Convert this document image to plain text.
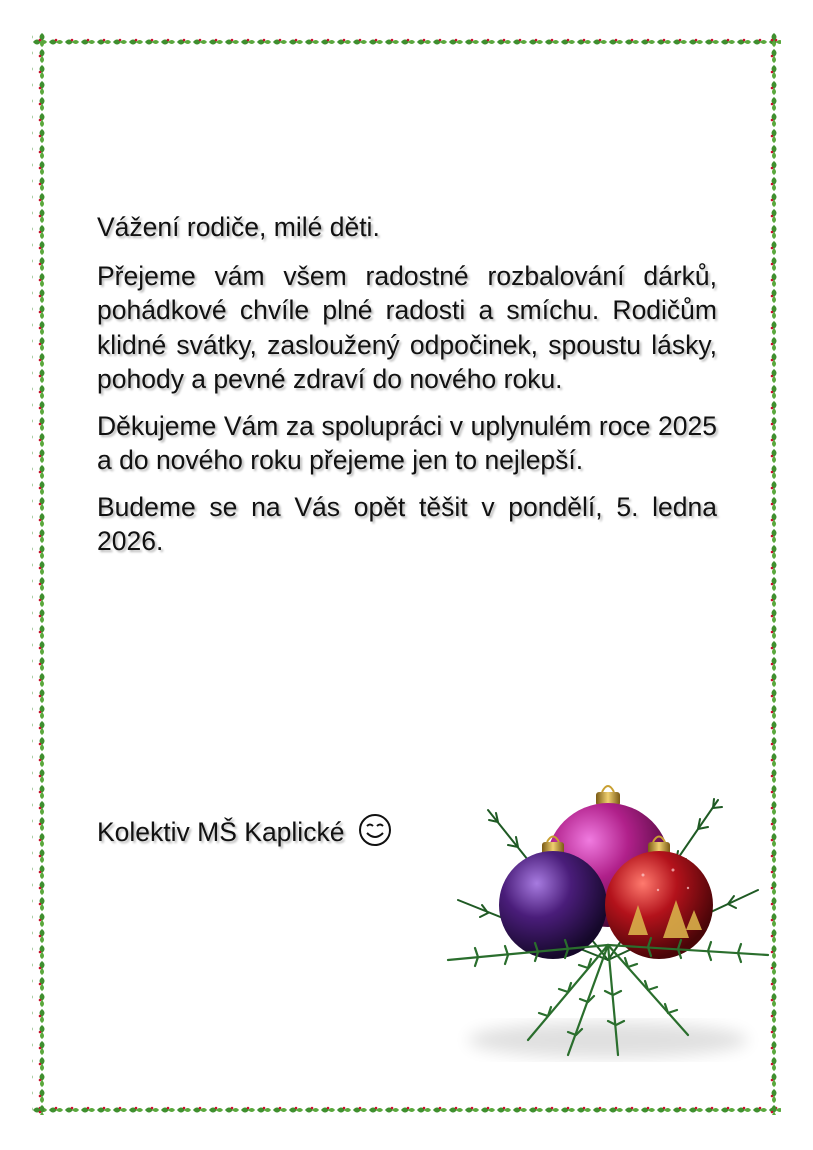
Vážení rodiče, milé děti.

Přejeme vám všem radostné rozbalování dárků, pohádkové chvíle plné radosti a smíchu. Rodičům klidné svátky, zasloužený odpočinek, spoustu lásky, pohody a pevné zdraví do nového roku.

Děkujeme Vám za spolupráci v uplynulém roce 2025 a do nového roku přejeme jen to nejlepší.

Budeme se na Vás opět těšit v pondělí, 5. ledna 2026.

Kolektiv MŠ Kaplické
